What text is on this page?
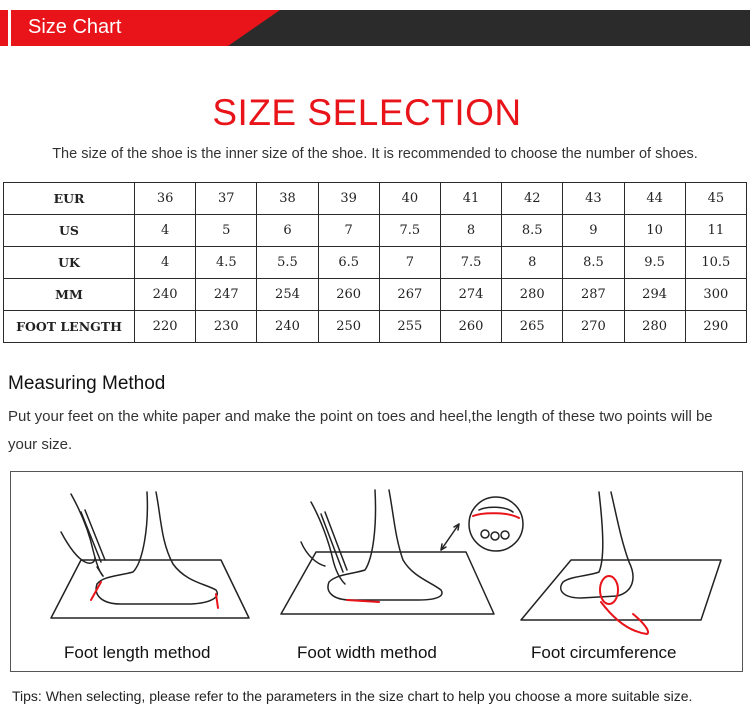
Size Chart
SIZE SELECTION
The size of the shoe is the inner size of the shoe. It is recommended to choose the number of shoes.
EUR	36	37	38	39	40	41	42	43	44	45
US	4	5	6	7	7.5	8	8.5	9	10	11
UK	4	4.5	5.5	6.5	7	7.5	8	8.5	9.5	10.5
MM	240	247	254	260	267	274	280	287	294	300
FOOT LENGTH	220	230	240	250	255	260	265	270	280	290
Measuring Method
Put your feet on the white paper and make the point on toes and heel,the length of these two points will be your size.
Foot length method	Foot width method	Foot circumference
Tips: When selecting, please refer to the parameters in the size chart to help you choose a more suitable size.
